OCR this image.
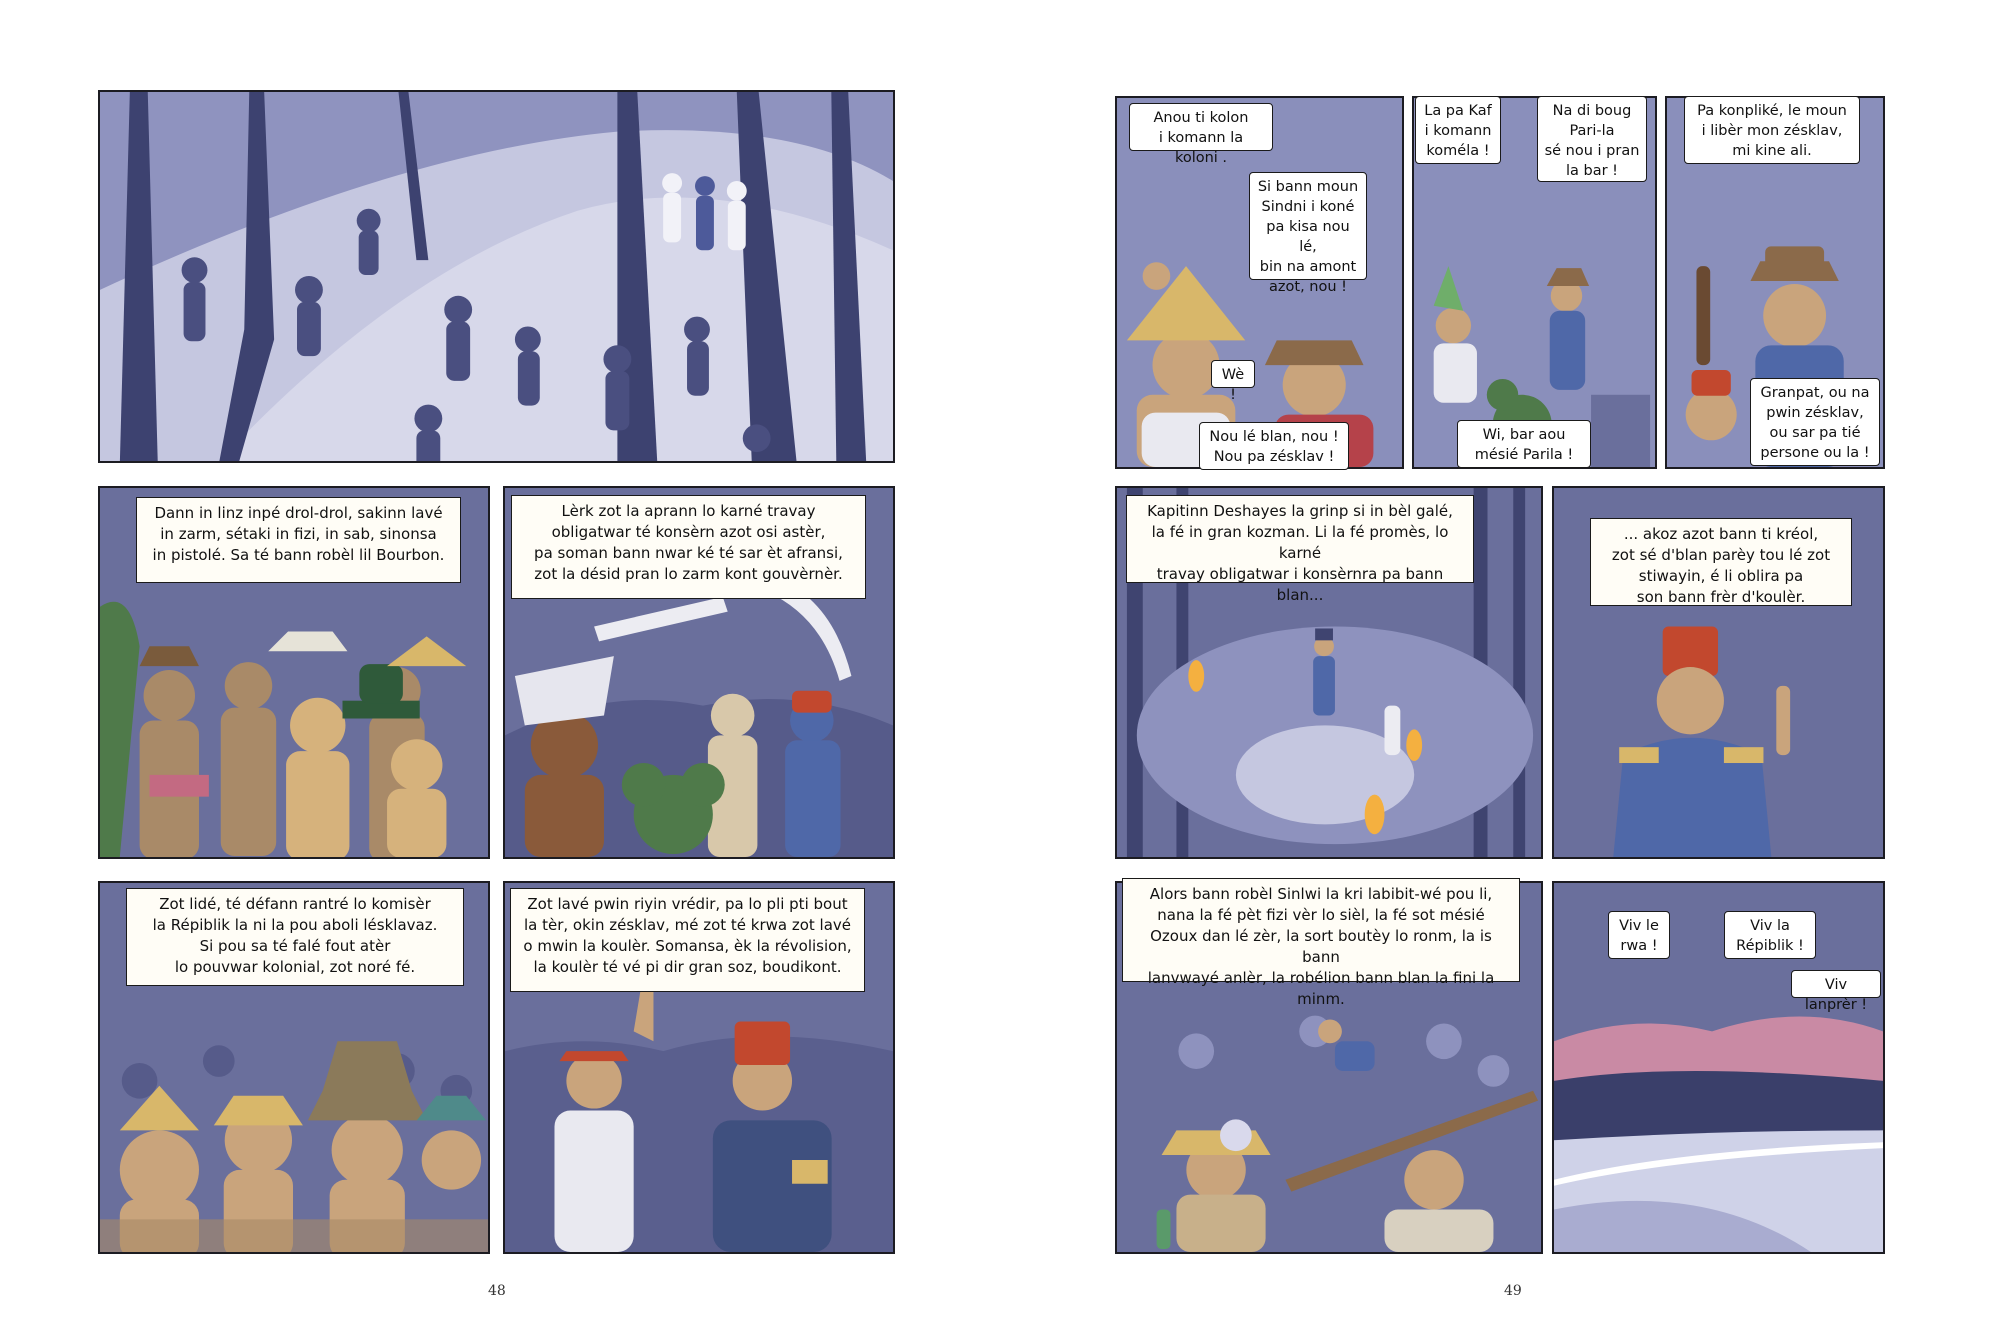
Dann in linz inpé drol-drol, sakinn lavé
in zarm, sétaki in fizi, in sab, sinonsa
in pistolé. Sa té bann robèl lil Bourbon.
Lèrk zot la aprann lo karné travay
obligatwar té konsèrn azot osi astèr,
pa soman bann nwar ké té sar èt afransi,
zot la désid pran lo zarm kont gouvèrnèr.
Zot lidé, té défann rantré lo komisèr
la Répiblik la ni la pou aboli lésklavaz.
Si pou sa té falé fout atèr
lo pouvwar kolonial, zot noré fé.
Zot lavé pwin riyin vrédir, pa lo pli pti bout
la tèr, okin zésklav, mé zot té krwa zot lavé
o mwin la koulèr. Somansa, èk la révolision,
la koulèr té vé pi dir gran soz, boudikont.
48
Anou ti kolon
i komann la koloni .
Si bann moun
Sindni i koné
pa kisa nou lé,
bin na amont
azot, nou !
Wè !
Nou lé blan, nou !
Nou pa zésklav !
La pa Kaf
i komann
koméla !
Na di boug
Pari-la
sé nou i pran
la bar !
Wi, bar aou
mésié Parila !
Pa konpliké, le moun
i libèr mon zésklav,
mi kine ali.
Granpat, ou na
pwin zésklav,
ou sar pa tié
persone ou la !
Viv le
rwa !
Viv la
Répiblik !
Viv lanprèr !
Kapitinn Deshayes la grinp si in bèl galé,
la fé in gran kozman. Li la fé promès, lo karné
travay obligatwar i konsèrnra pa bann blan...
... akoz azot bann ti kréol,
zot sé d'blan parèy tou lé zot
stiwayin, é li oblira pa
son bann frèr d'koulèr.
Alors bann robèl Sinlwi la kri labibit-wé pou li,
nana la fé pèt fizi vèr lo sièl, la fé sot mésié
Ozoux dan lé zèr, la sort boutèy lo ronm, la is bann
lanvwayé anlèr, la robélion bann blan la fini la minm.
49
